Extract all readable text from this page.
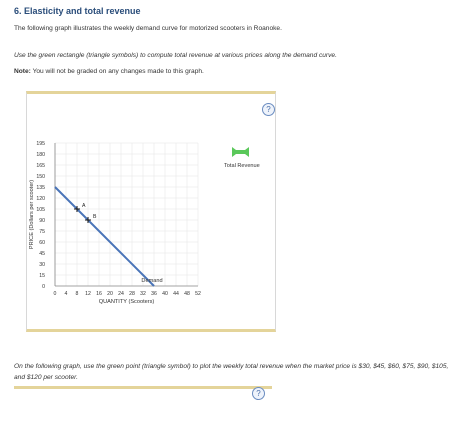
6. Elasticity and total revenue
The following graph illustrates the weekly demand curve for motorized scooters in Roanoke.
Use the green rectangle (triangle symbols) to compute total revenue at various prices along the demand curve.
Note: You will not be graded on any changes made to this graph.
?
0
15
30
45
60
75
90
105
120
135
150
165
180
195
0 4 8 12 16 20 24 28 32 36 40 44 48 52
Demand
A
B
QUANTITY (Scooters)
PRICE (Dollars per scooter)
Total Revenue
On the following graph, use the green point (triangle symbol) to plot the weekly total revenue when the market price is $30, $45, $60, $75, $90, $105, and $120 per scooter.
?
